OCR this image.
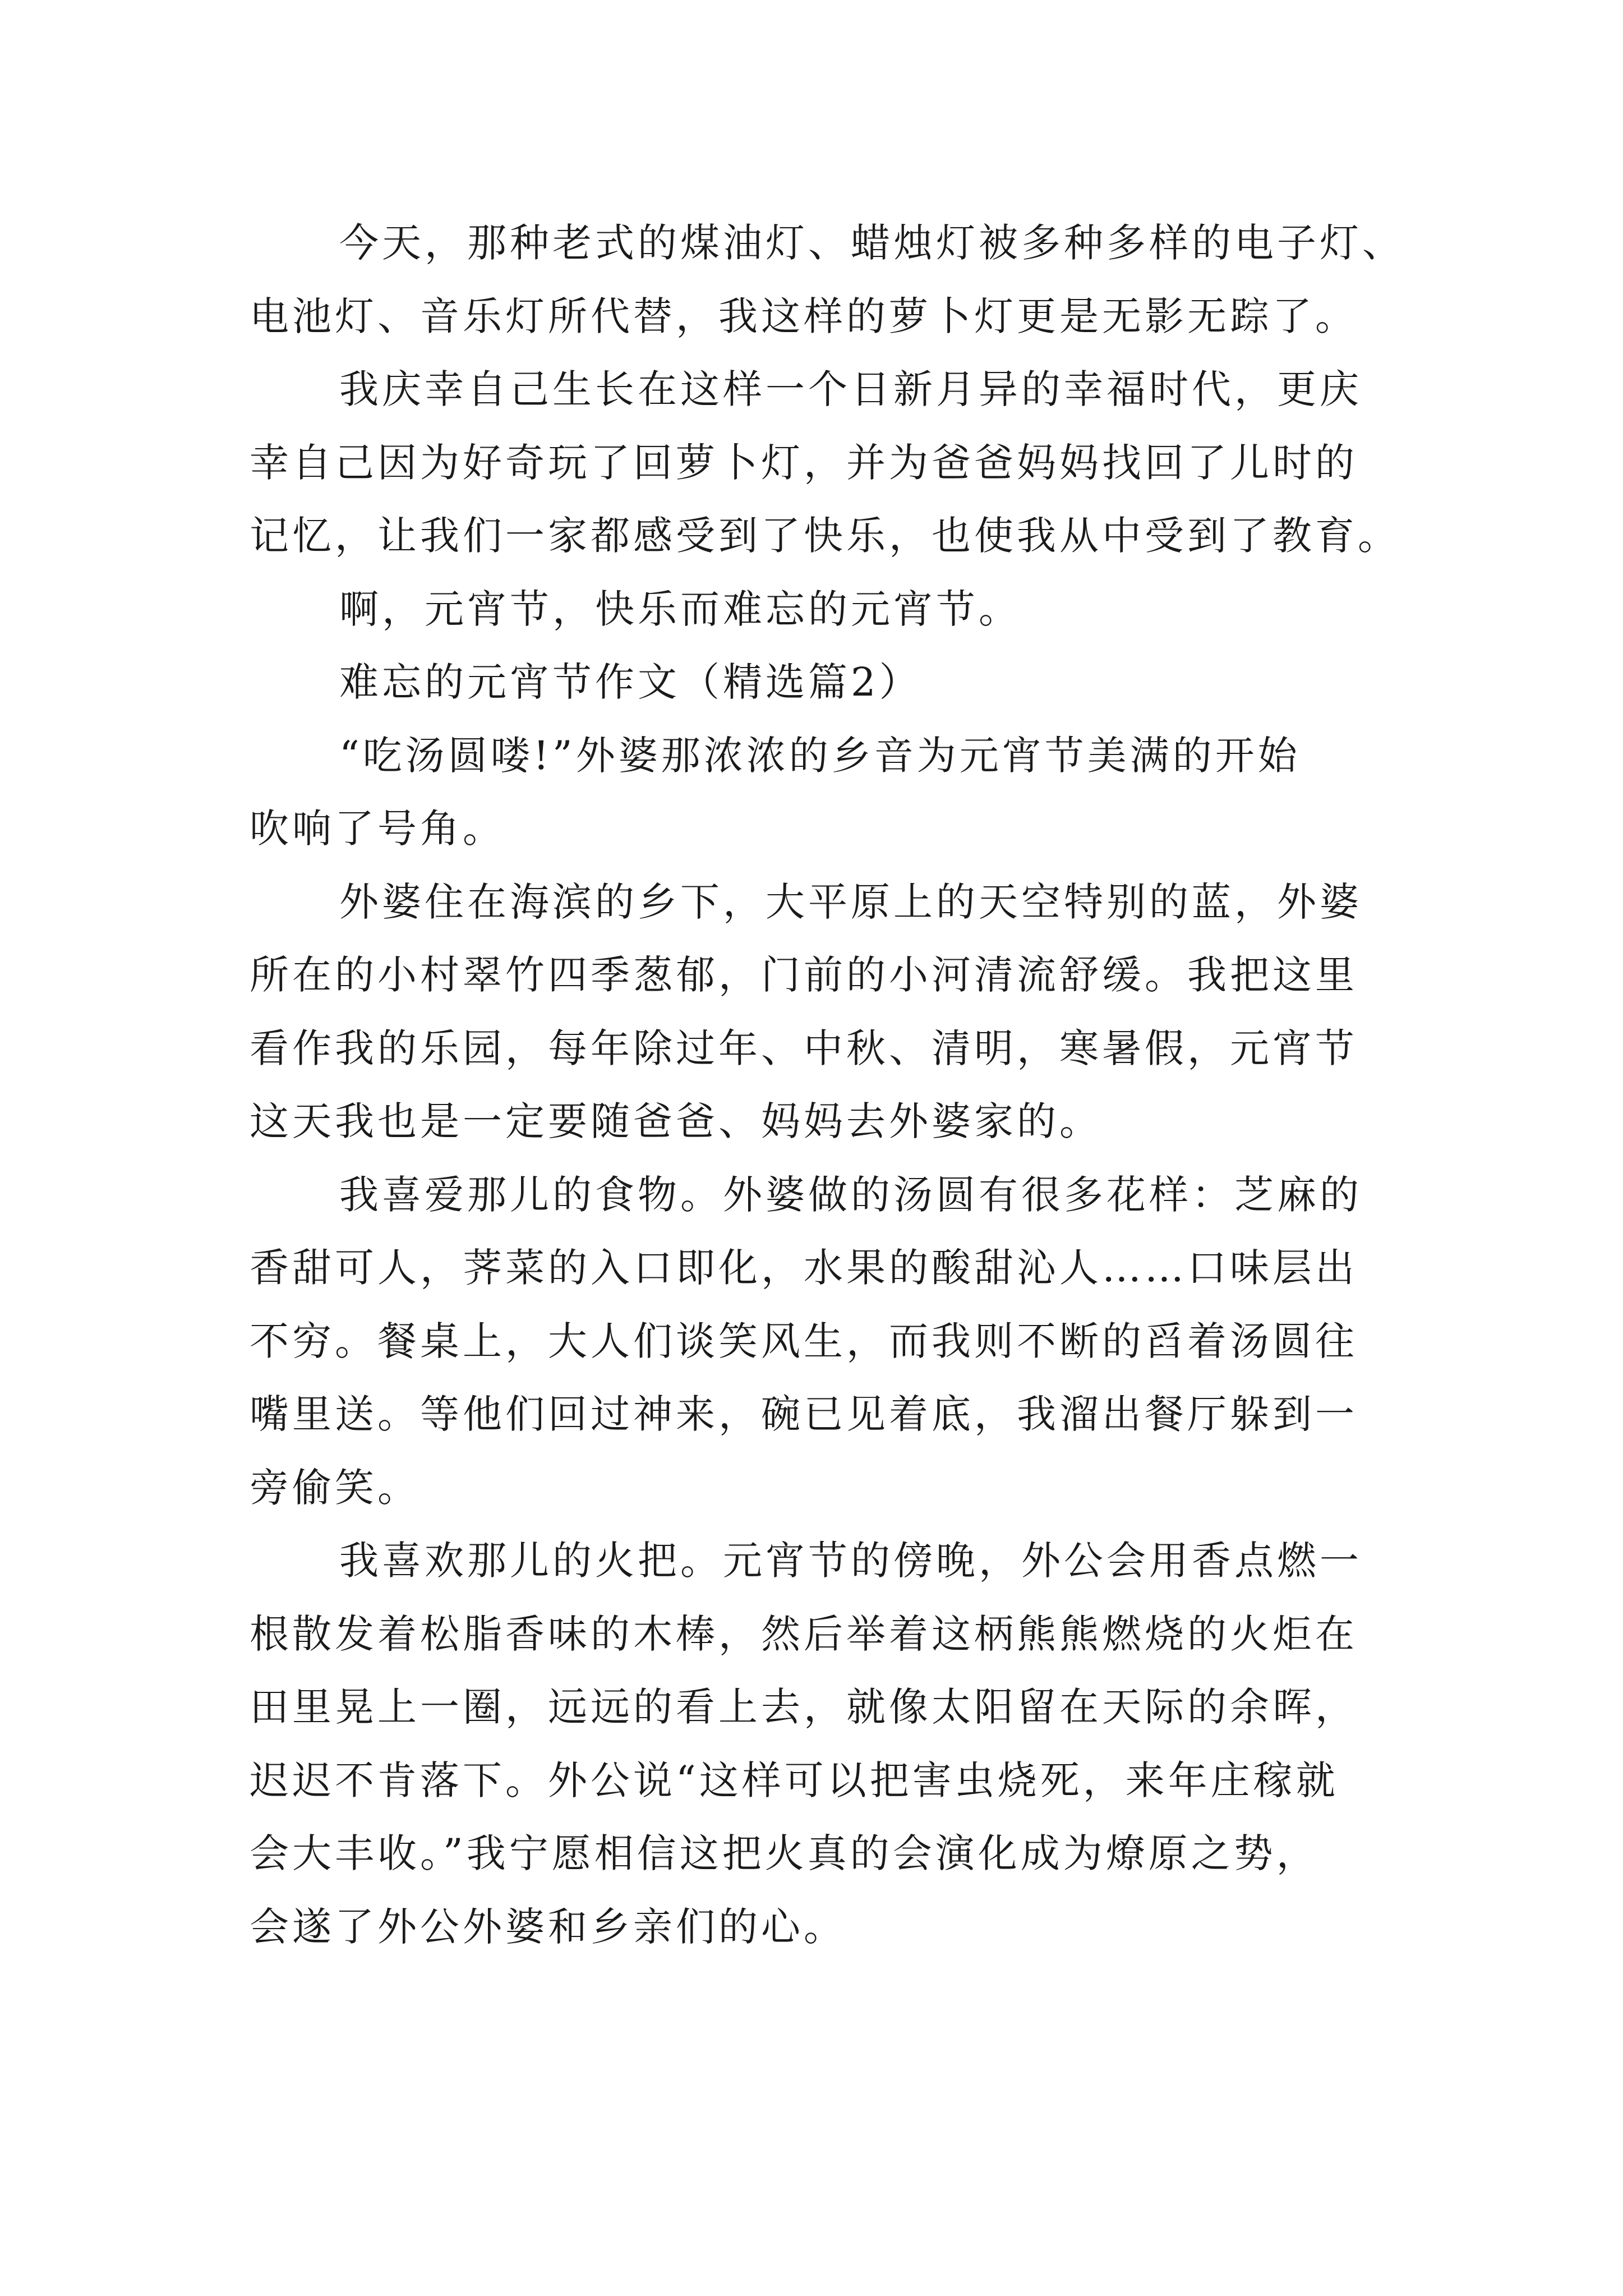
今天，那种老式的煤油灯、蜡烛灯被多种多样的电子灯、
电池灯、音乐灯所代替，我这样的萝卜灯更是无影无踪了。
我庆幸自己生长在这样一个日新月异的幸福时代，更庆
幸自己因为好奇玩了回萝卜灯，并为爸爸妈妈找回了儿时的
记忆，让我们一家都感受到了快乐，也使我从中受到了教育。
啊，元宵节，快乐而难忘的元宵节。
难忘的元宵节作文（精选篇2）
“吃汤圆喽!”外婆那浓浓的乡音为元宵节美满的开始
吹响了号角。
外婆住在海滨的乡下，大平原上的天空特别的蓝，外婆
所在的小村翠竹四季葱郁，门前的小河清流舒缓。我把这里
看作我的乐园，每年除过年、中秋、清明，寒暑假，元宵节
这天我也是一定要随爸爸、妈妈去外婆家的。
我喜爱那儿的食物。外婆做的汤圆有很多花样：芝麻的
香甜可人，荠菜的入口即化，水果的酸甜沁人……口味层出
不穷。餐桌上，大人们谈笑风生，而我则不断的舀着汤圆往
嘴里送。等他们回过神来，碗已见着底，我溜出餐厅躲到一
旁偷笑。
我喜欢那儿的火把。元宵节的傍晚，外公会用香点燃一
根散发着松脂香味的木棒，然后举着这柄熊熊燃烧的火炬在
田里晃上一圈，远远的看上去，就像太阳留在天际的余晖，
迟迟不肯落下。外公说“这样可以把害虫烧死，来年庄稼就
会大丰收。”我宁愿相信这把火真的会演化成为燎原之势，
会遂了外公外婆和乡亲们的心。
